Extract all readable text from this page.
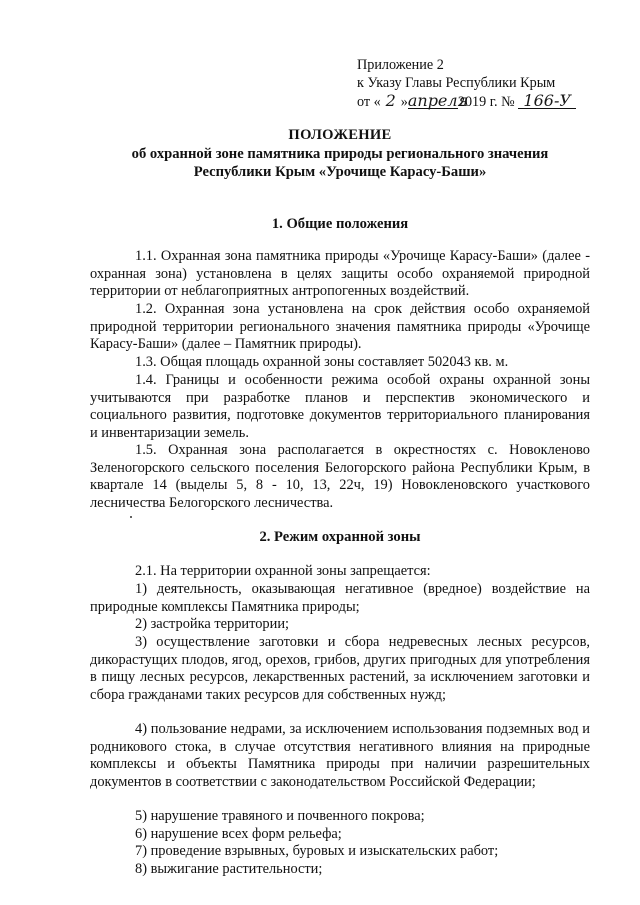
Приложение 2
к Указу Главы Республики Крым
от « 2 »апреля2019 г. № 166-У
ПОЛОЖЕНИЕ
об охранной зоне памятника природы регионального значения
Республики Крым «Урочище Карасу-Баши»
1. Общие положения

1.1. Охранная зона памятника природы «Урочище Карасу-Баши» (далее - охранная зона) установлена в целях защиты особо охраняемой природной территории от неблагоприятных антропогенных воздействий.

1.2. Охранная зона установлена на срок действия особо охраняемой природной территории регионального значения памятника природы «Урочище Карасу-Баши» (далее – Памятник природы).

1.3. Общая площадь охранной зоны составляет 502043 кв. м.

1.4. Границы и особенности режима особой охраны охранной зоны учитываются при разработке планов и перспектив экономического и социального развития, подготовке документов территориального планирования и инвентаризации земель.

1.5. Охранная зона располагается в окрестностях с. Новокленово Зеленогорского сельского поселения Белогорского района Республики Крым, в квартале 14 (выделы 5, 8 - 10, 13, 22ч, 19) Новокленовского участкового лесничества Белогорского лесничества.

2. Режим охранной зоны

2.1. На территории охранной зоны запрещается:

1) деятельность, оказывающая негативное (вредное) воздействие на природные комплексы Памятника природы;

2) застройка территории;

3) осуществление заготовки и сбора недревесных лесных ресурсов, дикорастущих плодов, ягод, орехов, грибов, других пригодных для употребления в пищу лесных ресурсов, лекарственных растений, за исключением заготовки и сбора гражданами таких ресурсов для собственных нужд;

4) пользование недрами, за исключением использования подземных вод и родникового стока, в случае отсутствия негативного влияния на природные комплексы и объекты Памятника природы при наличии разрешительных документов в соответствии с законодательством Российской Федерации;

5) нарушение травяного и почвенного покрова;

6) нарушение всех форм рельефа;

7) проведение взрывных, буровых и изыскательских работ;

8) выжигание растительности;
